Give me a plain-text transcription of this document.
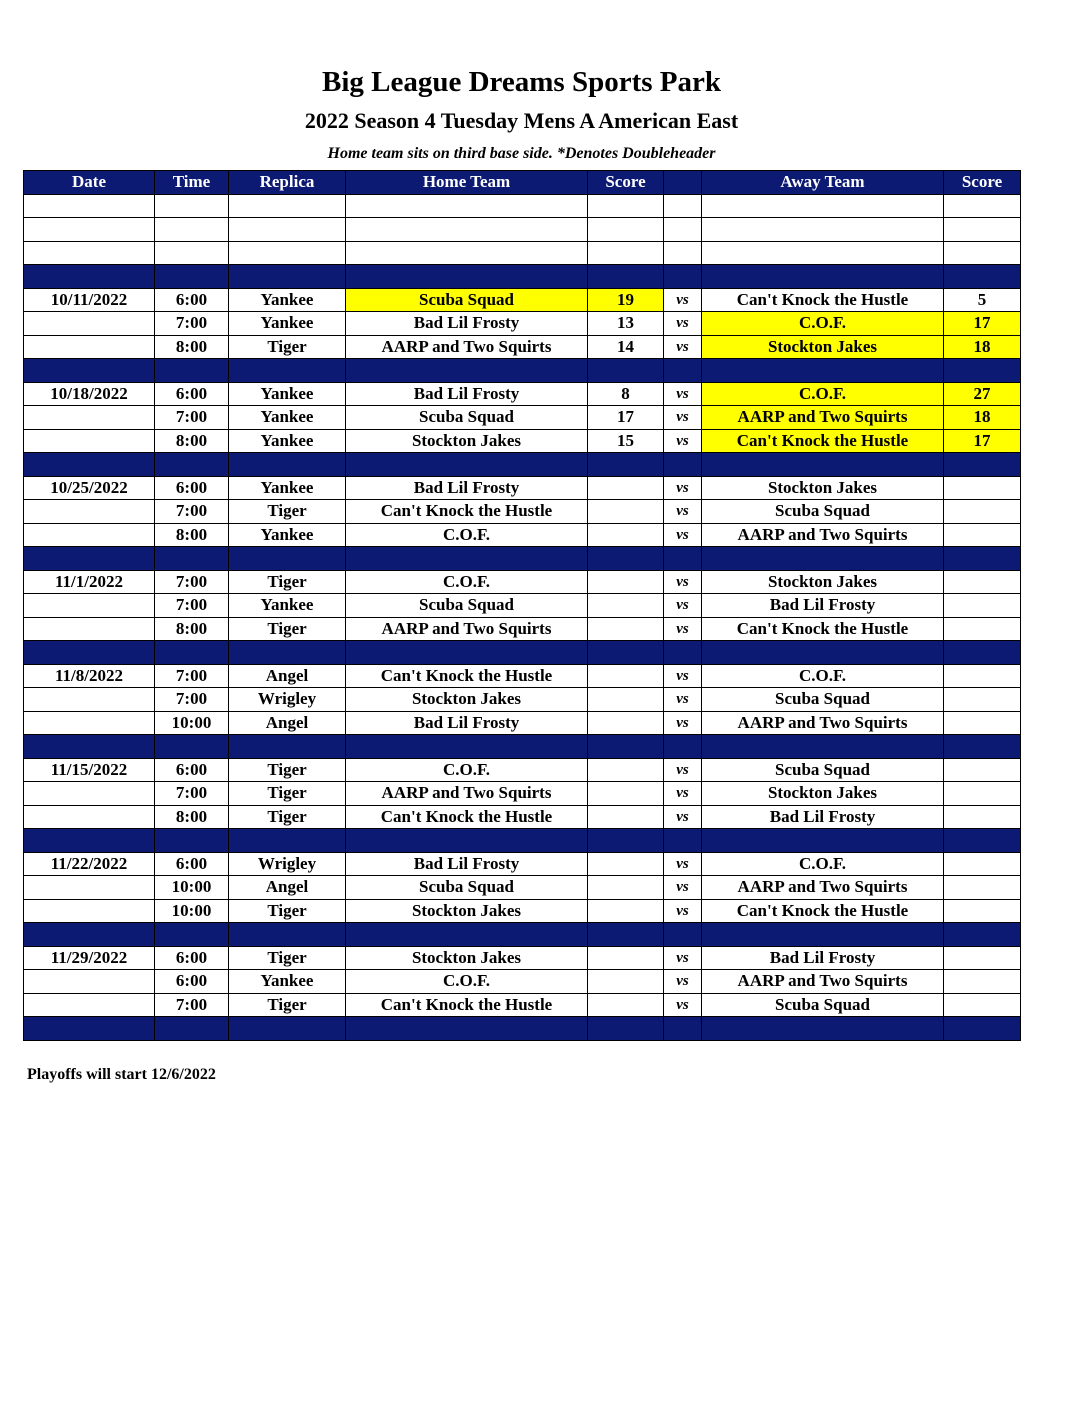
Big League Dreams Sports Park
2022 Season 4 Tuesday Mens A American East
Home team sits on third base side. *Denotes Doubleheader
Date	Time	Replica	Home Team	Score		Away Team	Score

10/11/2022	6:00	Yankee	Scuba Squad	19	vs	Can't Knock the Hustle	5
	7:00	Yankee	Bad Lil Frosty	13	vs	C.O.F.	17
	8:00	Tiger	AARP and Two Squirts	14	vs	Stockton Jakes	18

10/18/2022	6:00	Yankee	Bad Lil Frosty	8	vs	C.O.F.	27
	7:00	Yankee	Scuba Squad	17	vs	AARP and Two Squirts	18
	8:00	Yankee	Stockton Jakes	15	vs	Can't Knock the Hustle	17

10/25/2022	6:00	Yankee	Bad Lil Frosty		vs	Stockton Jakes	
	7:00	Tiger	Can't Knock the Hustle		vs	Scuba Squad	
	8:00	Yankee	C.O.F.		vs	AARP and Two Squirts	

11/1/2022	7:00	Tiger	C.O.F.		vs	Stockton Jakes	
	7:00	Yankee	Scuba Squad		vs	Bad Lil Frosty	
	8:00	Tiger	AARP and Two Squirts		vs	Can't Knock the Hustle	

11/8/2022	7:00	Angel	Can't Knock the Hustle		vs	C.O.F.	
	7:00	Wrigley	Stockton Jakes		vs	Scuba Squad	
	10:00	Angel	Bad Lil Frosty		vs	AARP and Two Squirts	

11/15/2022	6:00	Tiger	C.O.F.		vs	Scuba Squad	
	7:00	Tiger	AARP and Two Squirts		vs	Stockton Jakes	
	8:00	Tiger	Can't Knock the Hustle		vs	Bad Lil Frosty	

11/22/2022	6:00	Wrigley	Bad Lil Frosty		vs	C.O.F.	
	10:00	Angel	Scuba Squad		vs	AARP and Two Squirts	
	10:00	Tiger	Stockton Jakes		vs	Can't Knock the Hustle	

11/29/2022	6:00	Tiger	Stockton Jakes		vs	Bad Lil Frosty	
	6:00	Yankee	C.O.F.		vs	AARP and Two Squirts	
	7:00	Tiger	Can't Knock the Hustle		vs	Scuba Squad	

Playoffs will start 12/6/2022
